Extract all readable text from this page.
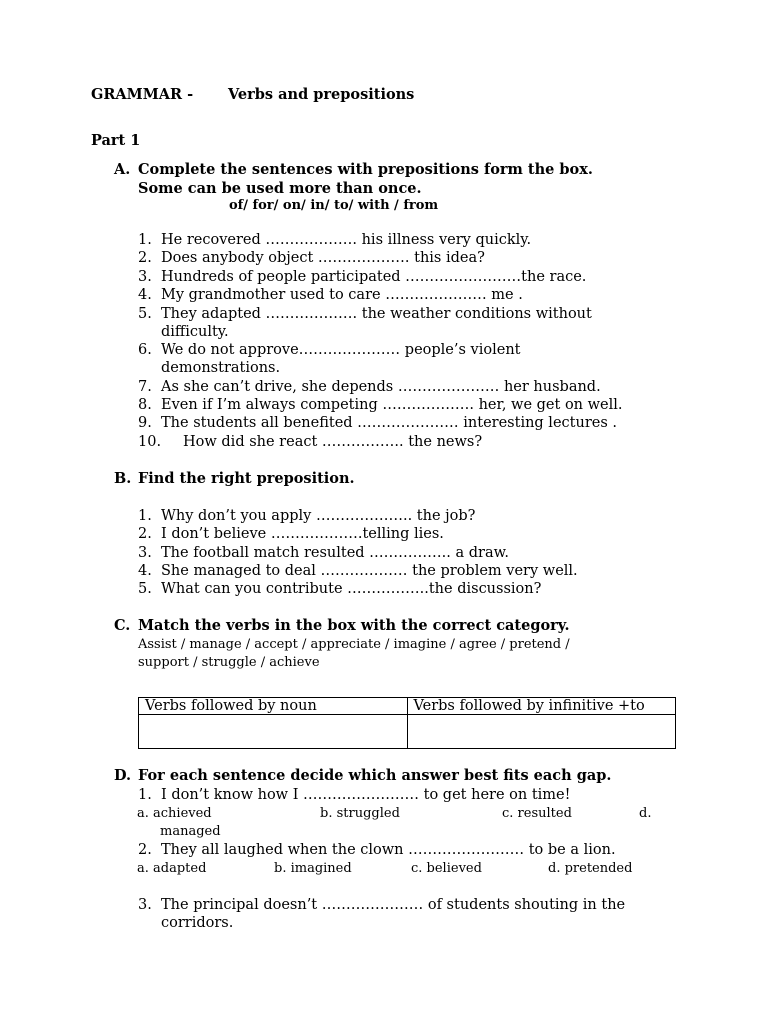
GRAMMAR - Verbs and prepositions
Part 1
A. Complete the sentences with prepositions form the box.
Some can be used more than once.
of/ for/ on/ in/ to/ with / from
1. He recovered ………………. his illness very quickly.
2. Does anybody object ………………. this idea?
3. Hundreds of people participated ……………………the race.
4. My grandmother used to care ………………… me .
5. They adapted ………………. the weather conditions without
difficulty.
6. We do not approve………………… people’s violent
demonstrations.
7. As she can’t drive, she depends ………………… her husband.
8. Even if I’m always competing ………………. her, we get on well.
9. The students all benefited ………………… interesting lectures .
10. How did she react …………….. the news?
B. Find the right preposition.
1. Why don’t you apply ……………….. the job?
2. I don’t believe ……………….telling lies.
3. The football match resulted …………….. a draw.
4. She managed to deal ……………… the problem very well.
5. What can you contribute ……………..the discussion?
C. Match the verbs in the box with the correct category.
Assist / manage / accept / appreciate / imagine / agree / pretend /
support / struggle / achieve
Verbs followed by noun	Verbs followed by infinitive +to

D. For each sentence decide which answer best fits each gap.
1. I don’t know how I …………………… to get here on time!
a. achieved	b. struggled	c. resulted	d.
managed
2. They all laughed when the clown …………………… to be a lion.
a. adapted	b. imagined	c. believed	d. pretended
3. The principal doesn’t ………………… of students shouting in the
corridors.
